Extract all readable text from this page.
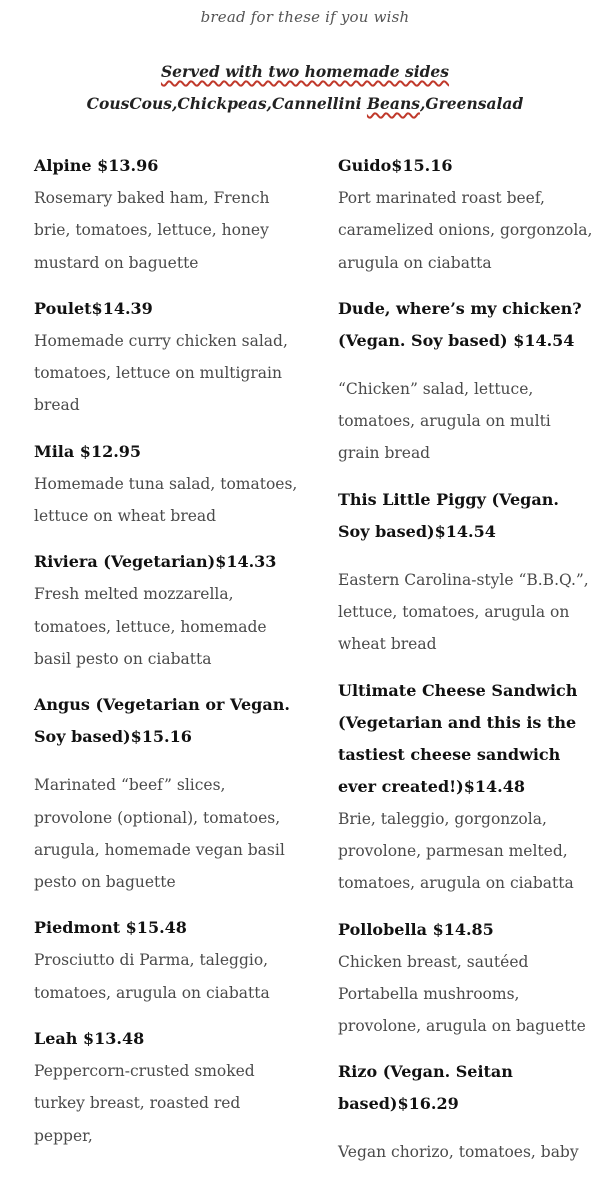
bread for these if you wish
Served with two homemade sides CousCous,Chickpeas,Cannellini Beans,Greensalad
Alpine $13.96
Rosemary baked ham, French brie, tomatoes, lettuce, honey mustard on baguette
Poulet$14.39
Homemade curry chicken salad, tomatoes, lettuce on multigrain bread
Mila $12.95
Homemade tuna salad, tomatoes, lettuce on wheat bread
Riviera (Vegetarian)$14.33
Fresh melted mozzarella, tomatoes, lettuce, homemade basil pesto on ciabatta
Angus (Vegetarian or Vegan. Soy based)$15.16
Marinated “beef” slices, provolone (optional), tomatoes, arugula, homemade vegan basil pesto on baguette
Piedmont $15.48
Prosciutto di Parma, taleggio, tomatoes, arugula on ciabatta
Leah $13.48
Peppercorn-crusted smoked turkey breast, roasted red pepper,
Guido$15.16
Port marinated roast beef, caramelized onions, gorgonzola, arugula on ciabatta
Dude, where’s my chicken? (Vegan. Soy based) $14.54
“Chicken” salad, lettuce, tomatoes, arugula on multi grain bread
This Little Piggy (Vegan. Soy based)$14.54
Eastern Carolina-style “B.B.Q.”, lettuce, tomatoes, arugula on wheat bread
Ultimate Cheese Sandwich (Vegetarian and this is the tastiest cheese sandwich ever created!)$14.48
Brie, taleggio, gorgonzola, provolone, parmesan melted, tomatoes, arugula on ciabatta
Pollobella $14.85
Chicken breast, sautéed Portabella mushrooms, provolone, arugula on baguette
Rizo (Vegan. Seitan based)$16.29
Vegan chorizo, tomatoes, baby
